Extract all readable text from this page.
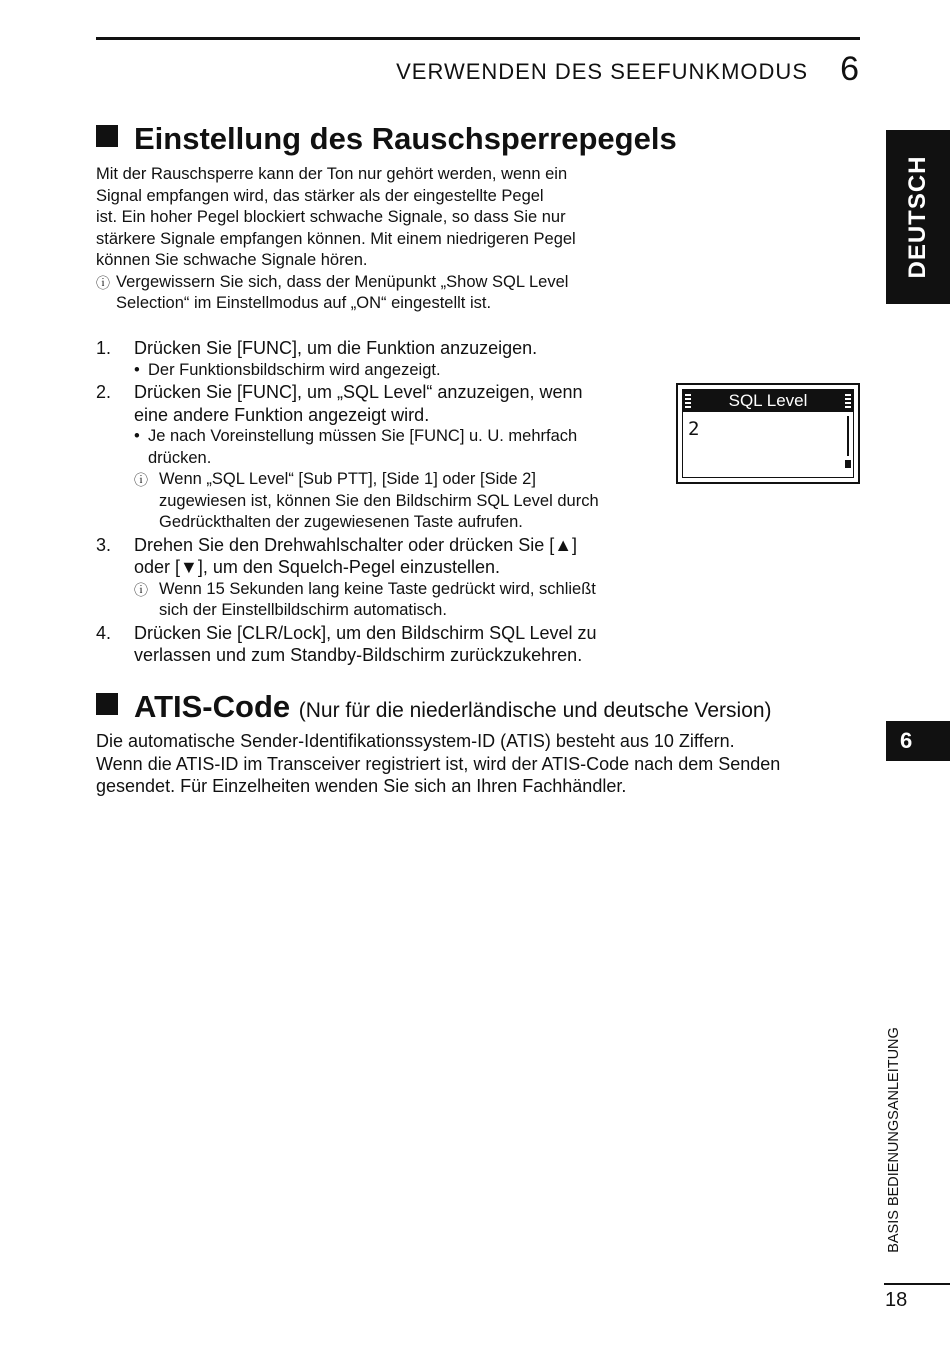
VERWENDEN DES SEEFUNKMODUS 6
DEUTSCH
6
BASIS BEDIENUNGSANLEITUNG
18
Einstellung des Rauschsperrepegels
Mit der Rauschsperre kann der Ton nur gehört werden, wenn ein
Signal empfangen wird, das stärker als der eingestellte Pegel
ist. Ein hoher Pegel blockiert schwache Signale, so dass Sie nur
stärkere Signale empfangen können. Mit einem niedrigeren Pegel
können Sie schwache Signale hören.
ⓘ Vergewissern Sie sich, dass der Menüpunkt „Show SQL Level
Selection“ im Einstellmodus auf „ON“ eingestellt ist.
1.	Drücken Sie [FUNC], um die Funktion anzuzeigen.
• Der Funktionsbildschirm wird angezeigt.
2.	Drücken Sie [FUNC], um „SQL Level“ anzuzeigen, wenn
eine andere Funktion angezeigt wird.
• Je nach Voreinstellung müssen Sie [FUNC] u. U. mehrfach
drücken.
ⓘ Wenn „SQL Level“ [Sub PTT], [Side 1] oder [Side 2]
zugewiesen ist, können Sie den Bildschirm SQL Level durch
Gedrückthalten der zugewiesenen Taste aufrufen.
3.	Drehen Sie den Drehwahlschalter oder drücken Sie [▲]
oder [▼], um den Squelch-Pegel einzustellen.
ⓘ Wenn 15 Sekunden lang keine Taste gedrückt wird, schließt
sich der Einstellbildschirm automatisch.
4.	Drücken Sie [CLR/Lock], um den Bildschirm SQL Level zu
verlassen und zum Standby-Bildschirm zurückzukehren.
SQL Level
2
ATIS-Code (Nur für die niederländische und deutsche Version)
Die automatische Sender-Identifikationssystem-ID (ATIS) besteht aus 10 Ziffern.
Wenn die ATIS-ID im Transceiver registriert ist, wird der ATIS-Code nach dem Senden
gesendet. Für Einzelheiten wenden Sie sich an Ihren Fachhändler.
